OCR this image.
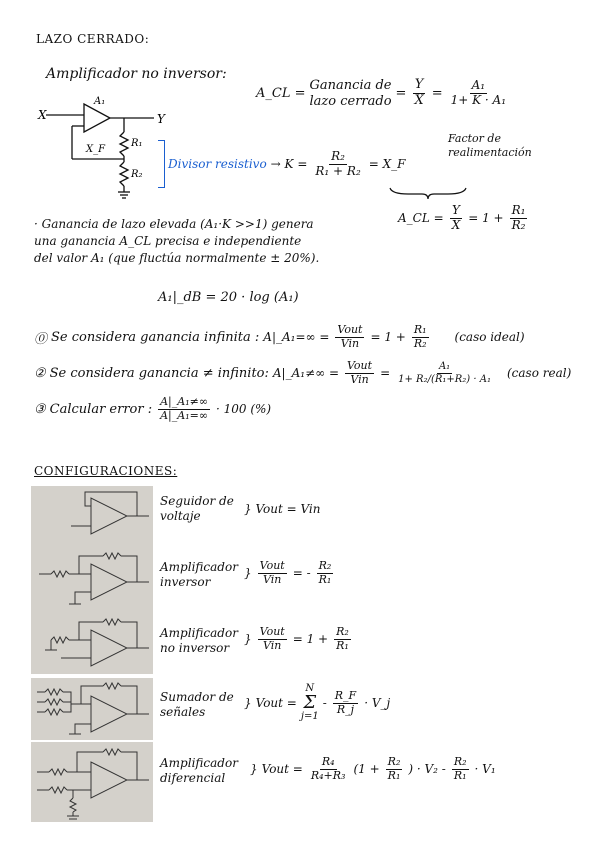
LAZO CERRADO:
Amplificador no inversor:
X	Y
A₁
R₁
R₂
X_F
A_CL =
Ganancia de
lazo cerrado = $\frac{Y}{X} = \frac{\text{A₁}}{\text{1+ K · A₁}}$
Factor de
realimentación
Divisor resistivo → $K = \frac{\text{R₂}}{\text{R₁ + R₂}}$ = X_F
A_CL = $\frac{Y}{X} = 1 + \frac{\text{R₁}}{\text{R₂}}$
· Ganancia de lazo elevada (A₁·K >>1) genera
una ganancia A_CL precisa e independiente
del valor A₁ (que fluctúa normalmente ± 20%).
A₁|_dB = 20 · log (A₁)
⓪ Se considera ganancia infinita : A|_A₁=∞ = $\frac{\text{Vout}}{\text{Vin}} = 1 + \frac{\text{R₁}}{\text{R₂}}$ (caso ideal)
② Se considera ganancia ≠ infinito: A|_A₁≠∞ = $\frac{\text{Vout}}{\text{Vin}} = \frac{\text{A₁}}{\text{1+ R₂/(R₁+R₂) · A₁}}$ (caso real)
③ Calcular error : $\frac{\text{A|\_A₁≠∞}}{\text{A|\_A₁=∞}} \cdot 100$ (%)
CONFIGURACIONES:
Seguidor de
voltaje	} Vout = Vin
Amplificador
inversor
} $\frac{\text{Vout}}{\text{Vin}}$ = - $\frac{\text{R₂}}{\text{R₁}}$
Amplificador
no inversor
} $\frac{\text{Vout}}{\text{Vin}} = 1 + \frac{\text{R₂}}{\text{R₁}}$
Sumador de
señales
} Vout =
N
Σ
j=1
- $\frac{R\_F}{R\_j}$ · V_j
Amplificador
diferencial
} Vout = $\frac{\text{R₄}}{\text{R₄+R₃}} (1 + \frac{\text{R₂}}{\text{R₁}}$ ) · $V_2 - \frac{\text{R₂}}{\text{R₁}} \cdot V_1$
